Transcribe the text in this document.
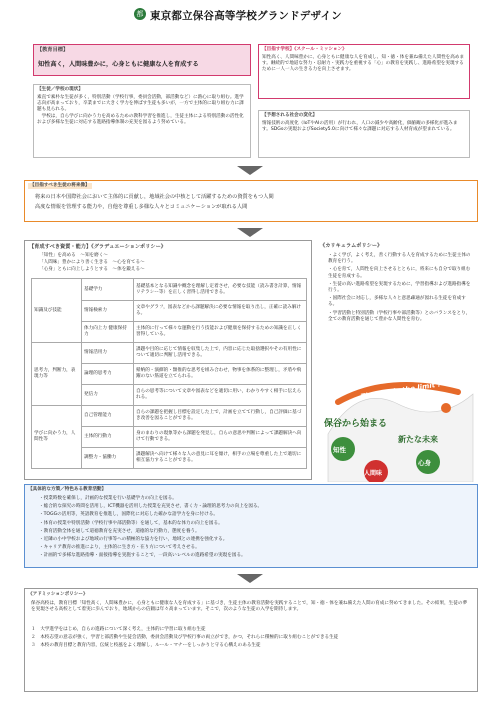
都 東京都立保谷高等学校グランドデザイン
【教育目標】
知性高く，人間味豊かに，心身ともに健康な人を育成する
【目指す学校】《スクール・ミッション》
知性高く、人間味豊かに、心身ともに健康な人を育成し、知・徳・体を兼ね備えた人間性を高めます。継続的で地道な努力・忍耐力・実践力を重視する「心」の教育を実践し、進路希望を実現するために一人一人の生きる力を向上させます。
【生徒／学校の現状】
素直で素朴な生徒が多く，特別活動（学校行事，委員会活動，部活動など）に熱心に取り組む。進学志向が高まっており，卒業までに大きく学力を伸ばす生徒も多いが，一方で主体的に取り組む力に課題も見られる。
　学校は，自ら学びに向かう力を高めるための教科学習を推進し，生徒主体による特別活動の活性化および多様な生徒に対応する進路指導体制の充実を図るよう努めている。
【予想される社会の変化】
情報技術の高度化（IoTやAIの活用）が行われ，人口の減少や高齢化，価値観の多様化が進みます。SDGsの実現およびSociety5.0に向けて様々な課題に対応する人材育成が望まれている。
【目指すべき生徒の将来像】
将来の日本や国際社会において主体的に貢献し，地域社会の中核として活躍するための資質をもつ人間
高度な情報を管理する能力や，自他を尊重し多様な人々とコミュニケーションが取れる人間
【育成すべき資質・能力】《グラデュエーションポリシー》
「知性」を高める　～知を磨く～
「人間味」豊かにより善く生きる　～心を育てる～
「心身」ともに向上しようとする　～体を鍛える～
知識及び技能	基礎学力	基礎基本となる知識や概念を理解し定着させ，必要な技能（読み書き計算，情報リテラシー等）を正しく習得し活用できる。
	情報検索力	文章やグラフ，図表などから課題解決に必要な情報を取り出し，正確に読み解ける。
	体力向上力 健康保持力	主体的に行って様々な運動を行う技能および健康を保持するための知識を正しく習得している。
思考力，判断力，表現力等	情報活用力	課題や目的に応じて情報を収集した上で，内容に応じた取捨選択やその有用性について適切に判断し活用できる。
	論理的思考力	帰納的・演繹的・類推的な思考を組み合わせ，物事を体系的に整理し，矛盾や飛躍のない筋道を立てられる。
	発信力	自らの思考等について文章や図表などを適切に用い，わかりやすく相手に伝えられる。
学びに向かう力，人間性等	自己管理能力	自らの課題を把握し目標を設定した上で，計画を立てて行動し，自己評価に基づき改善を図ることができる。
	主体的行動力	身のまわりの現象等から課題を発見し，自らの意思や判断によって課題解決へ向けて行動できる。
	調整力・協働力	課題解決へ向けて様々な人の意見に耳を傾け，相手の立場を尊重した上で適切に相互協力することができる。
《カリキュラムポリシー》
・よく学び，よく考え，善く行動する人を育成するために生徒主体の教育を行う。
・心を育て，人間性を向上させるとともに，将来にも自分で取り組む生徒を育成する。
・生徒の高い進路希望を実現するために，学習指導および進路指導を行う。
・国際社会に対応し，多様な人々と意思疎通が図れる生徒を育成する。
・学習活動と特別活動（学校行事や部活動等）とのバランスをとり，全ての教育活動を通じて豊かな人間性を育む。
The sky is the limit !
知性
心身
人間味
保谷から始まる
新たな未来
【具体的な方策／特色ある教育活動】
・授業時数を確保し，計画的な授業を行い基礎学力の向上を図る。
・総合的な探究の時間を活用し，ICT機器を活用した授業を充実させ，書く力・論理的思考力の向上を図る。
・TOGGの活用等，英語教育を推進し，国際化に対応した確かな語学力を身に付ける。
・体育の授業や特別活動（学校行事や部活動等）を通して，基本的な体力の向上を図る。
・教育活動全体を通して道徳教育を充実させ，道徳的な行動力，態度を養う。
・近隣の小中学校および地域の行事等への積極的な協力を行い，地域との連携を強化する。
・キャリア教育の推進により，主体的に生き方・在り方について考えさせる。
・計画的で多様な進路指導・面接指導を実施することで，一段高いレベルの進路希望の実現を図る。
《アドミッションポリシー》
保谷高校は，教育目標「知性高く，人間味豊かに，心身ともに健康な人を育成する」に基づき，生徒主体の教育活動を実践することで，知・徳・体を兼ね備えた人間の育成に努めてきました。その結果，生徒の夢を実現させる高校として着実に歩んでおり，地域からの信頼は年々高まっています。そこで，次のような生徒の入学を期待します。
１　大学進学をはじめ，自らの進路について深く考え，主体的に学習に取り組む生徒
２　本校志望の意志が強く，学習と部活動や生徒会活動，委員会活動及び学校行事の両立ができ，かつ，それらに積極的に取り組むことができる生徒
３　本校の教育目標と教育内容，伝統と校風をよく理解し，ルール・マナーをしっかりと守る心構えのある生徒
